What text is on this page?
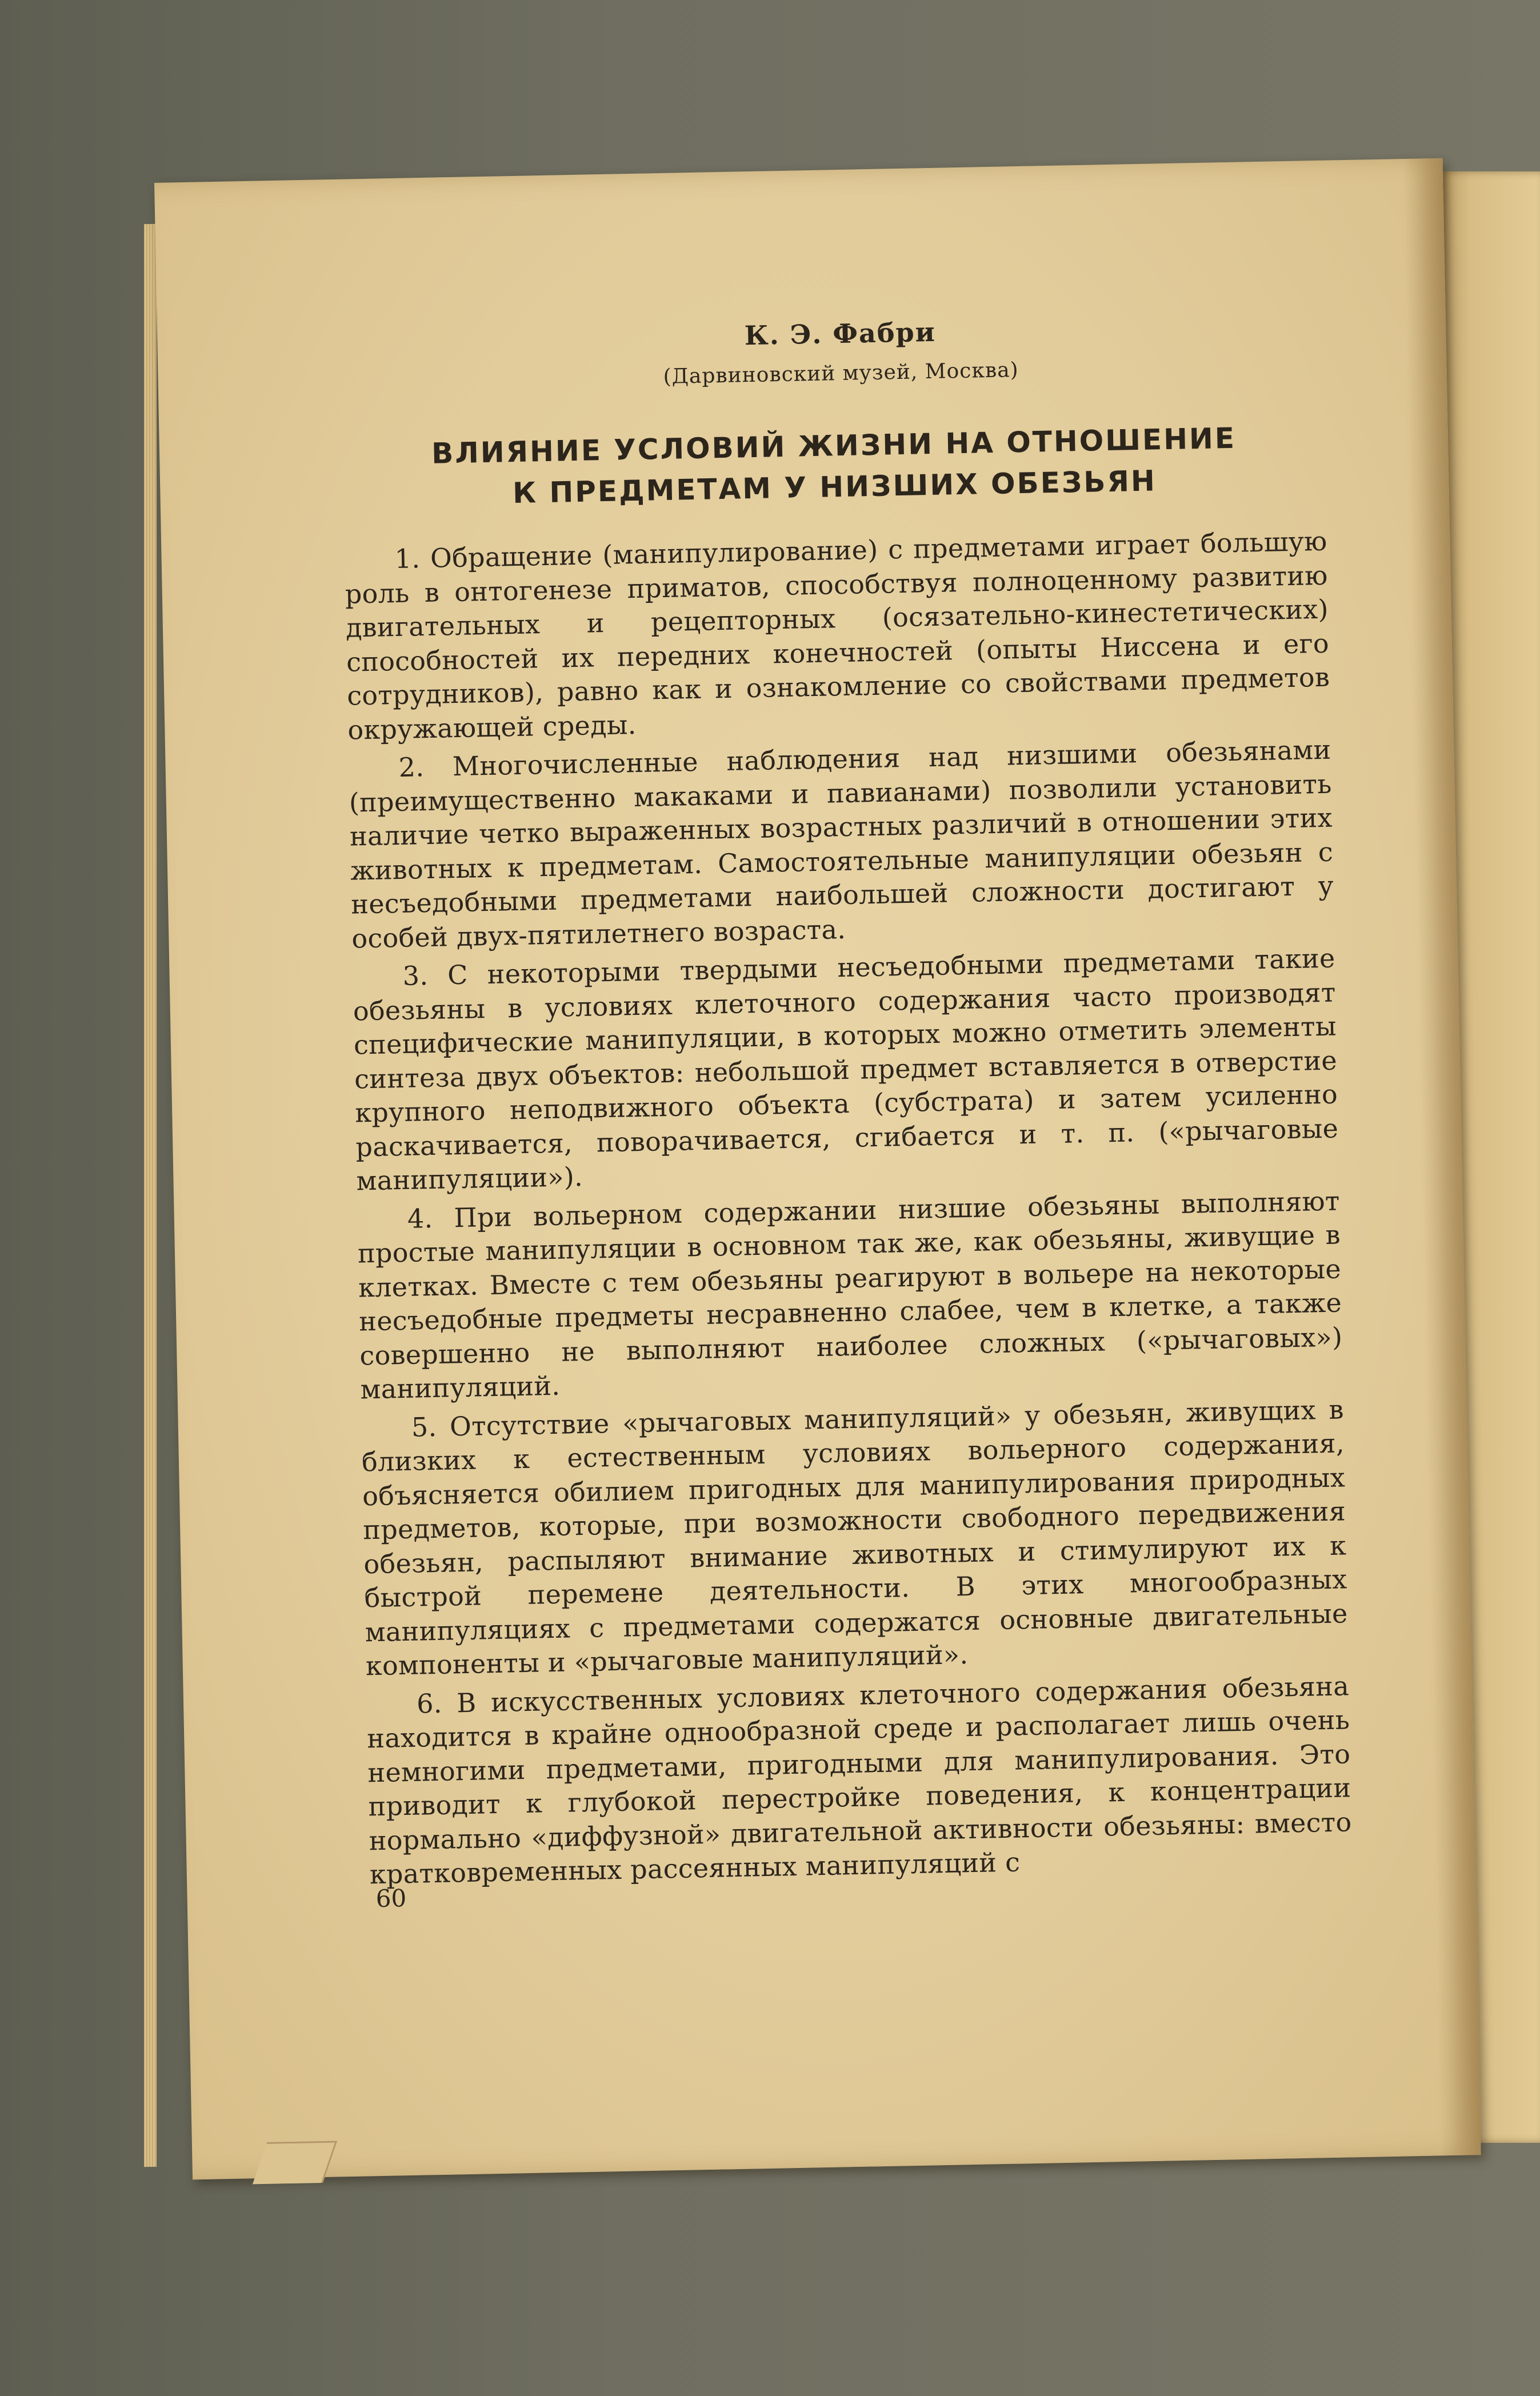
К. Э. Фабри

(Дарвиновский музей, Москва)

ВЛИЯНИЕ УСЛОВИЙ ЖИЗНИ НА ОТНОШЕНИЕ
К ПРЕДМЕТАМ У НИЗШИХ ОБЕЗЬЯН

1. Обращение (манипулирование) с предметами играет большую роль в онтогенезе приматов, способствуя полноценному развитию двигательных и рецепторных (осязательно-кинестетических) способностей их передних конечностей (опыты Ниссена и его сотрудников), равно как и ознакомление со свойствами предметов окружающей среды.

2. Многочисленные наблюдения над низшими обезьянами (преимущественно макаками и павианами) позволили установить наличие четко выраженных возрастных различий в отношении этих животных к предметам. Самостоятельные манипуляции обезьян с несъедобными предметами наибольшей сложности достигают у особей двух-пятилетнего возраста.

3. С некоторыми твердыми несъедобными предметами такие обезьяны в условиях клеточного содержания часто производят специфические манипуляции, в которых можно отметить элементы синтеза двух объектов: небольшой предмет вставляется в отверстие крупного неподвижного объекта (субстрата) и затем усиленно раскачивается, поворачивается, сгибается и т. п. («рычаговые манипуляции»).

4. При вольерном содержании низшие обезьяны выполняют простые манипуляции в основном так же, как обезьяны, живущие в клетках. Вместе с тем обезьяны реагируют в вольере на некоторые несъедобные предметы несравненно слабее, чем в клетке, а также совершенно не выполняют наиболее сложных («рычаговых») манипуляций.

5. Отсутствие «рычаговых манипуляций» у обезьян, живущих в близких к естественным условиях вольерного содержания, объясняется обилием пригодных для манипулирования природных предметов, которые, при возможности свободного передвижения обезьян, распыляют внимание животных и стимулируют их к быстрой перемене деятельности. В этих многообразных манипуляциях с предметами содержатся основные двигательные компоненты и «рычаговые манипуляций».

6. В искусственных условиях клеточного содержания обезьяна находится в крайне однообразной среде и располагает лишь очень немногими предметами, пригодными для манипулирования. Это приводит к глубокой перестройке поведения, к концентрации нормально «диффузной» двигательной активности обезьяны: вместо кратковременных рассеянных манипуляций с

60
